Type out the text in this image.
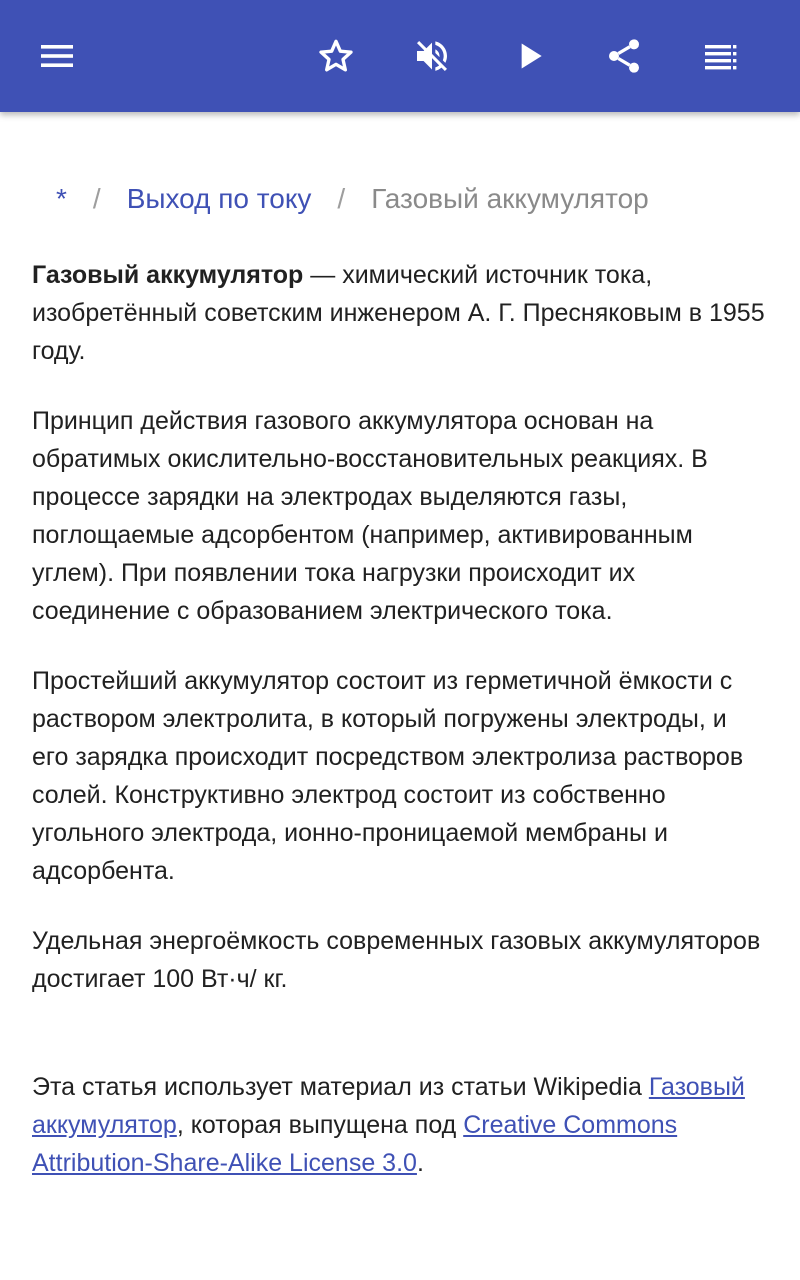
* / Выход по току / Газовый аккумулятор

Газовый аккумулятор — химический источник тока, изобретённый советским инженером А. Г. Пресняковым в 1955 году.

Принцип действия газового аккумулятора основан на обратимых окислительно-восстановительных реакциях. В процессе зарядки на электродах выделяются газы, поглощаемые адсорбентом (например, активированным углем). При появлении тока нагрузки происходит их соединение с образованием электрического тока.

Простейший аккумулятор состоит из герметичной ёмкости с раствором электролита, в который погружены электроды, и его зарядка происходит посредством электролиза растворов солей. Конструктивно электрод состоит из собственно угольного электрода, ионно-проницаемой мембраны и адсорбента.

Удельная энергоёмкость современных газовых аккумуляторов достигает 100 Вт·ч/ кг.

Эта статья использует материал из статьи Wikipedia Газовый аккумулятор, которая выпущена под Creative Commons Attribution-Share-Alike License 3.0.
